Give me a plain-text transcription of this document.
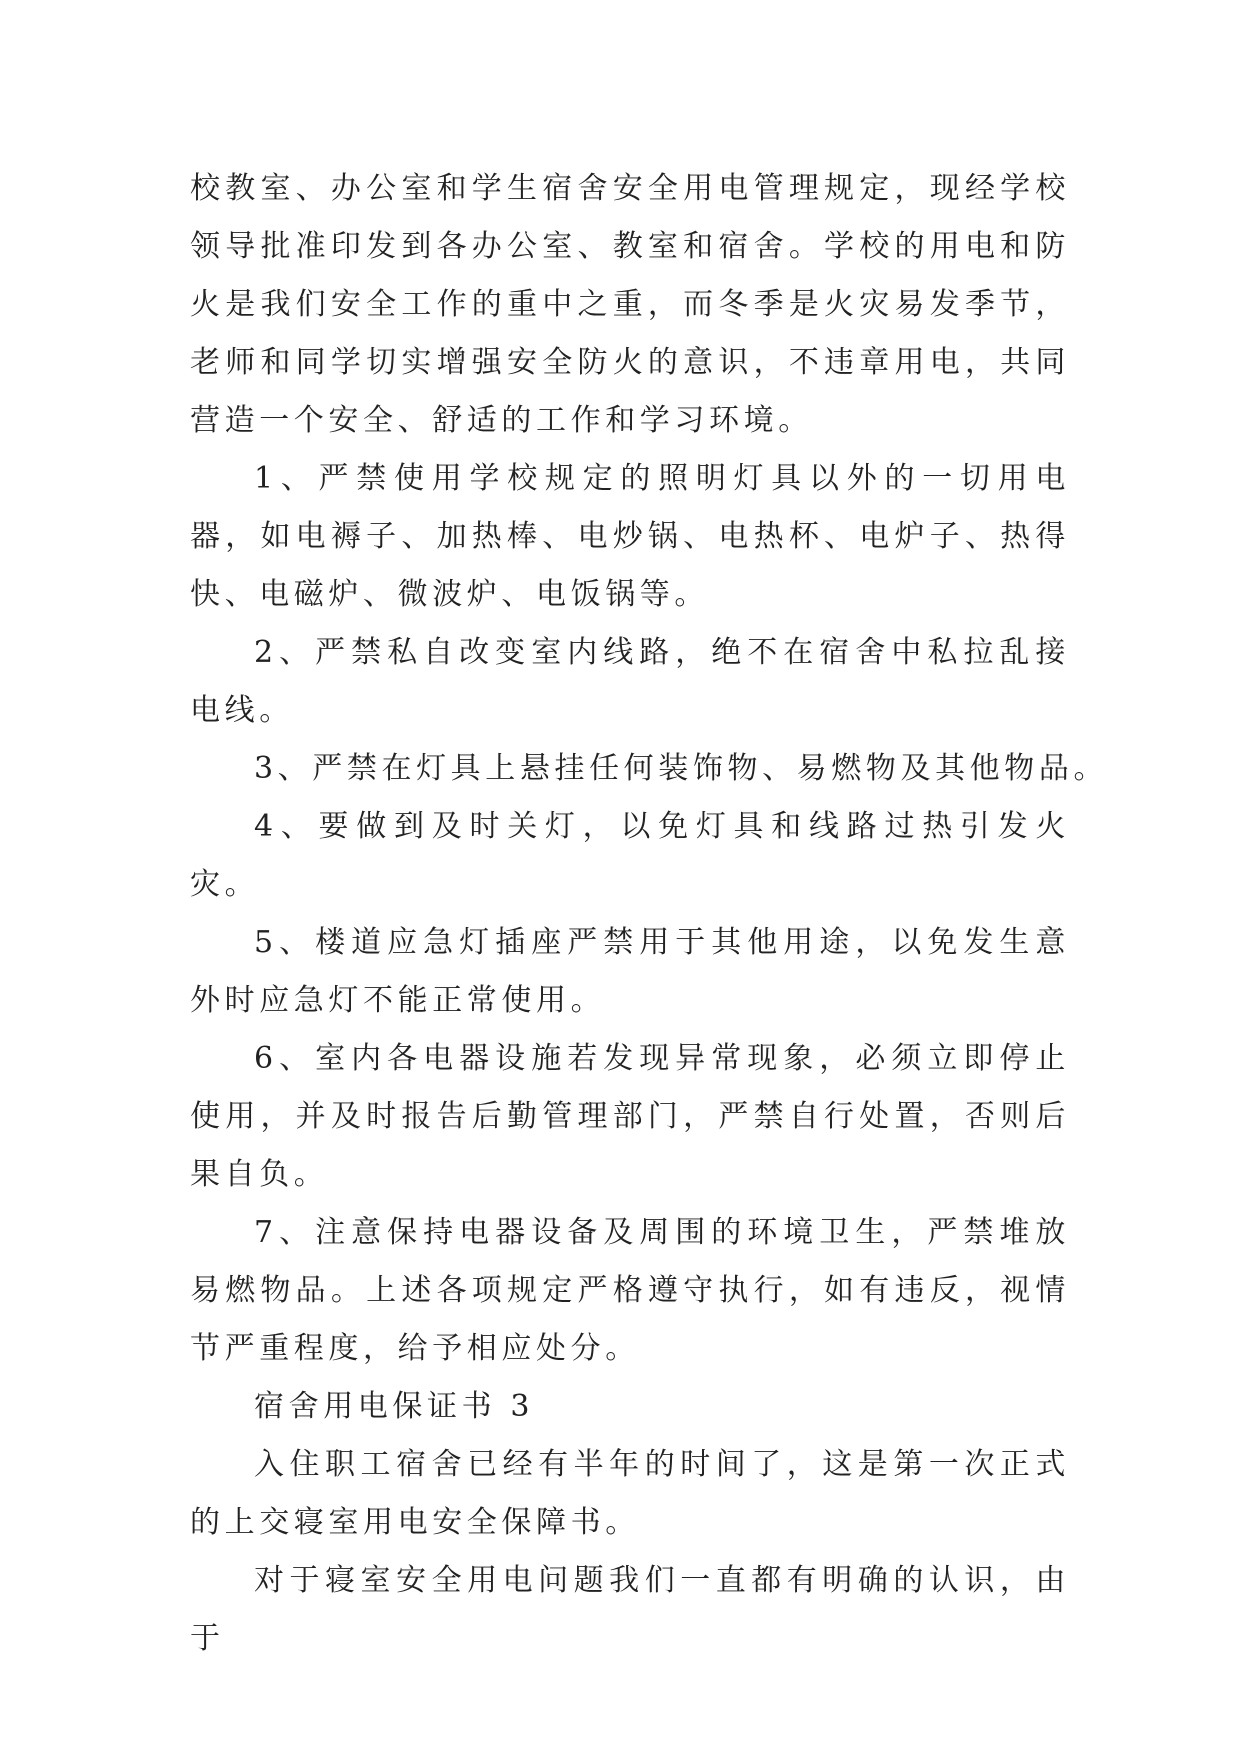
校教室、办公室和学生宿舍安全用电管理规定，现经学校领导批准印发到各办公室、教室和宿舍。学校的用电和防火是我们安全工作的重中之重，而冬季是火灾易发季节，老师和同学切实增强安全防火的意识，不违章用电，共同营造一个安全、舒适的工作和学习环境。

1、严禁使用学校规定的照明灯具以外的一切用电器，如电褥子、加热棒、电炒锅、电热杯、电炉子、热得快、电磁炉、微波炉、电饭锅等。

2、严禁私自改变室内线路，绝不在宿舍中私拉乱接电线。

3、严禁在灯具上悬挂任何装饰物、易燃物及其他物品。

4、要做到及时关灯，以免灯具和线路过热引发火灾。

5、楼道应急灯插座严禁用于其他用途，以免发生意外时应急灯不能正常使用。

6、室内各电器设施若发现异常现象，必须立即停止使用，并及时报告后勤管理部门，严禁自行处置，否则后果自负。

7、注意保持电器设备及周围的环境卫生，严禁堆放易燃物品。上述各项规定严格遵守执行，如有违反，视情节严重程度，给予相应处分。

宿舍用电保证书 3

入住职工宿舍已经有半年的时间了，这是第一次正式的上交寝室用电安全保障书。

对于寝室安全用电问题我们一直都有明确的认识，由于
